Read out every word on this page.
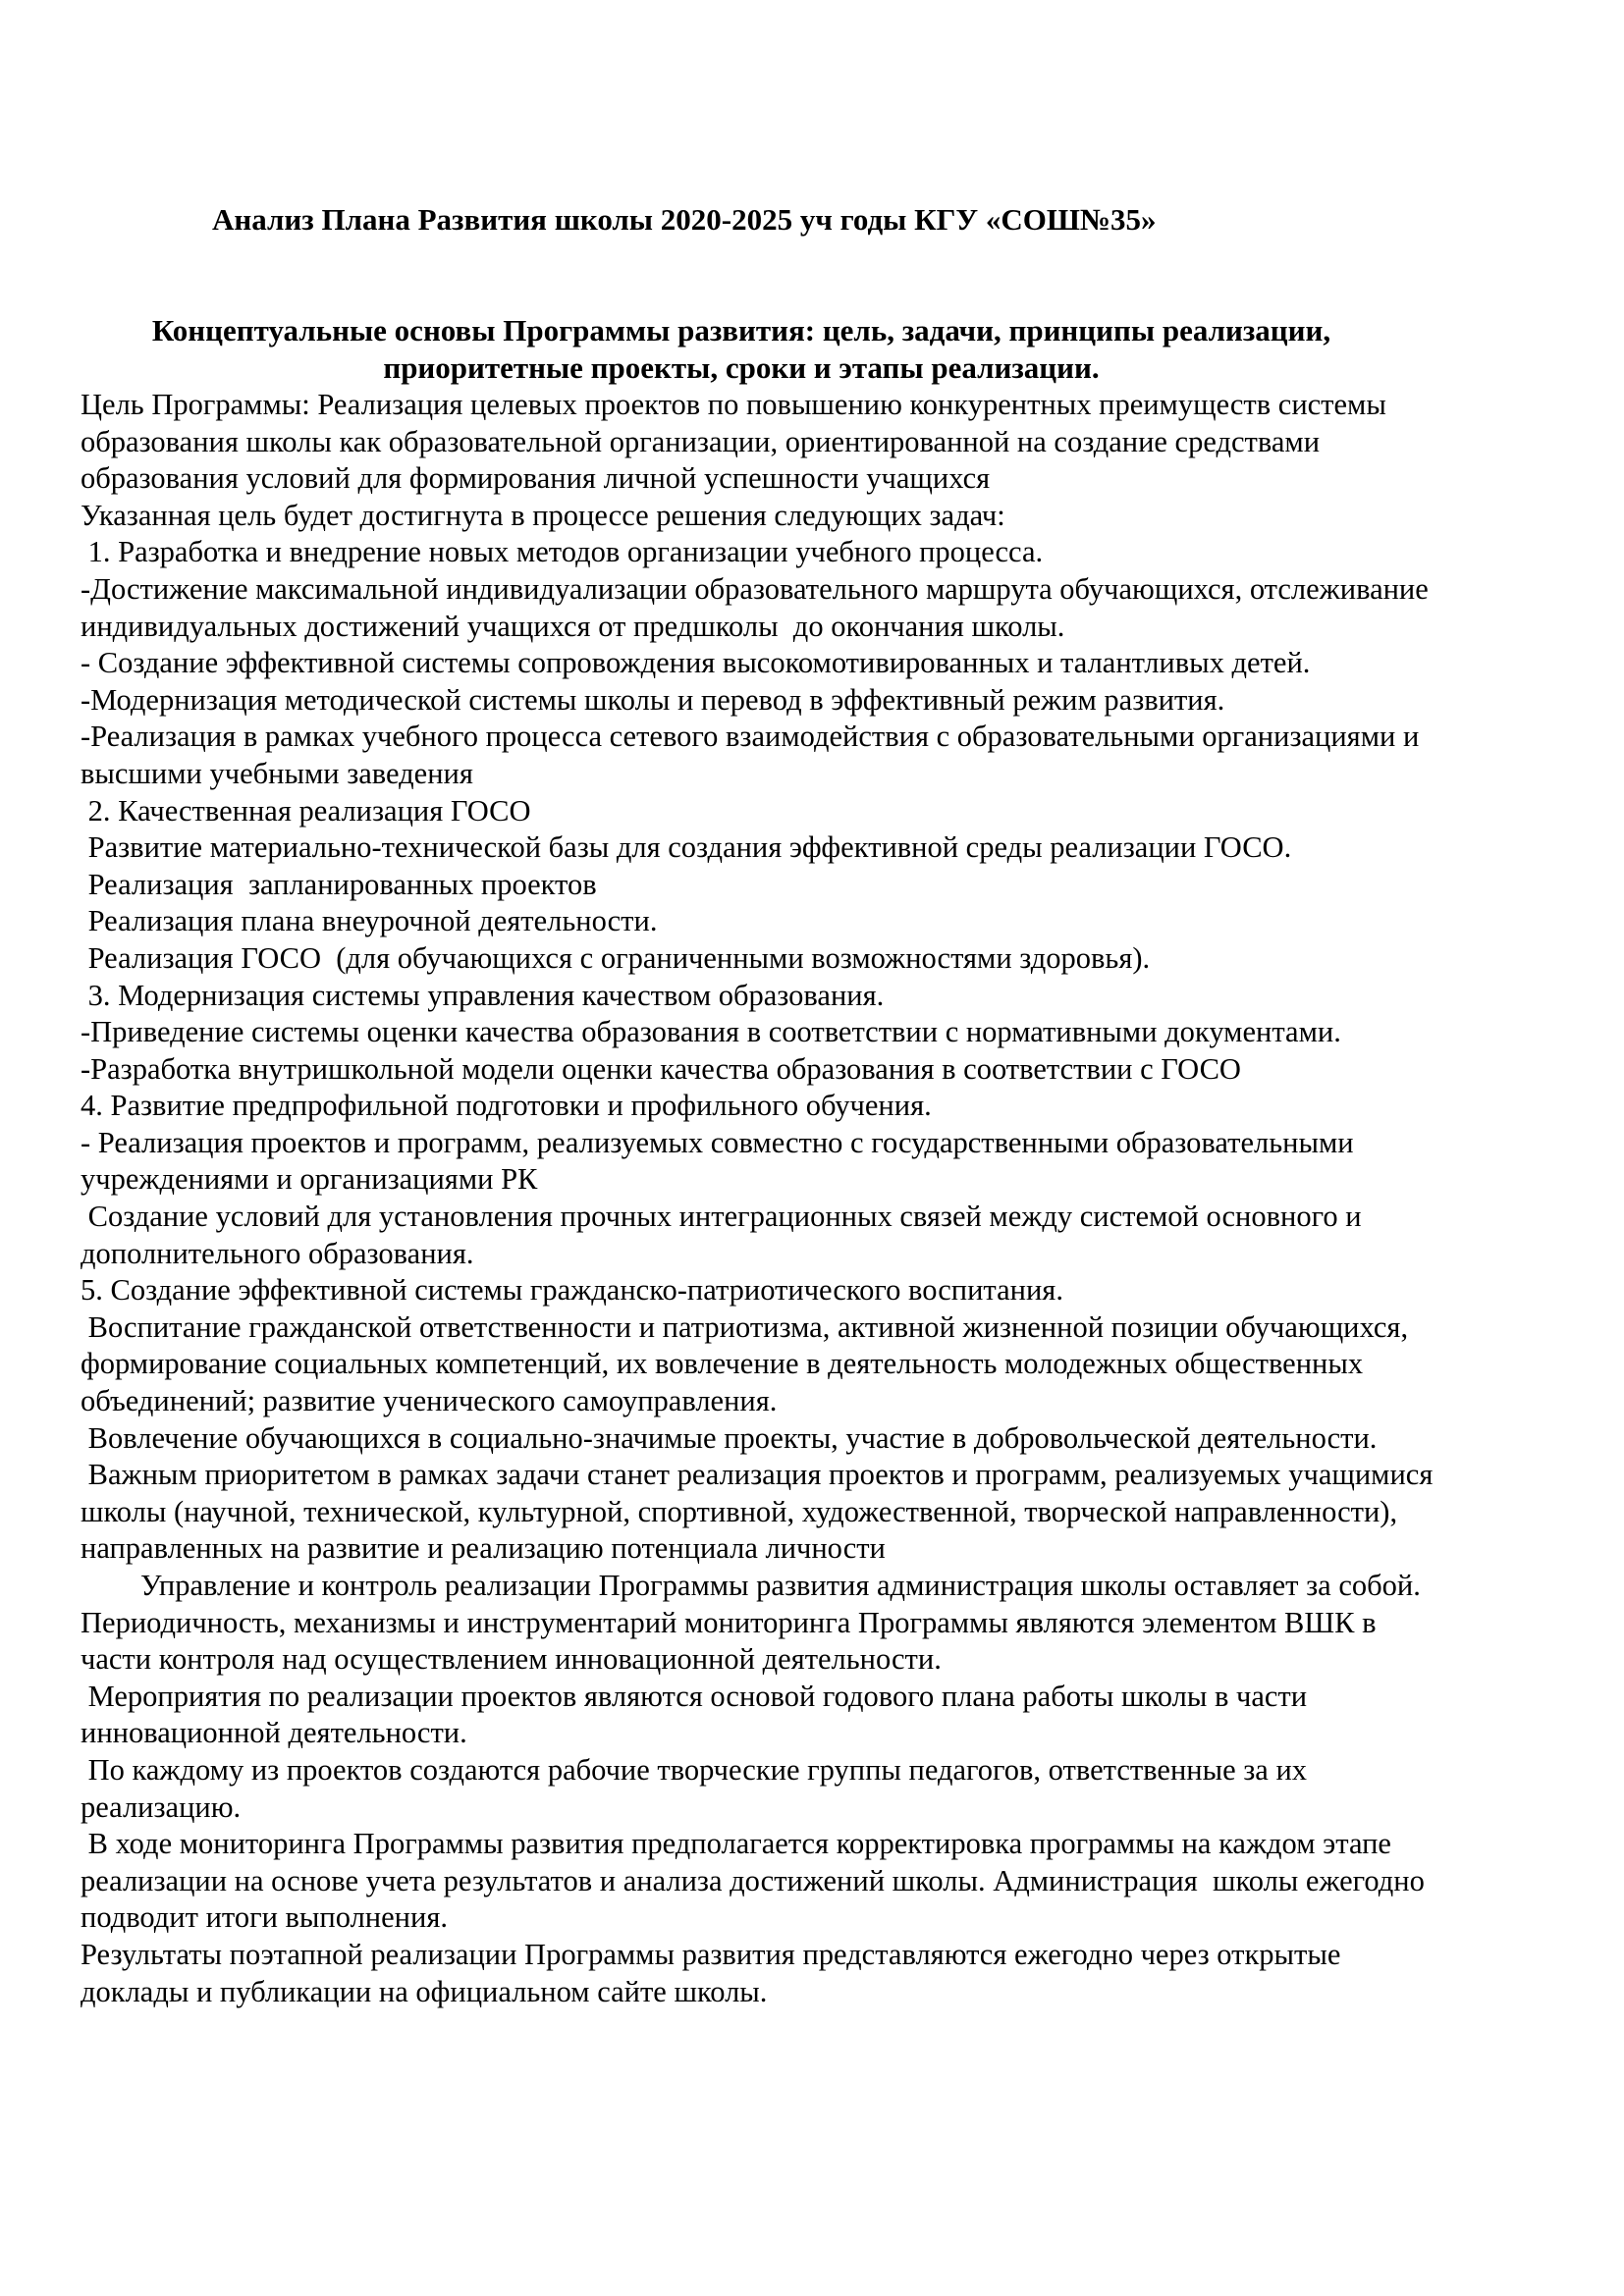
Анализ Плана Развития школы 2020-2025 уч годы КГУ «СОШ№35»
Концептуальные основы Программы развития: цель, задачи, принципы реализации,
приоритетные проекты, сроки и этапы реализации.
Цель Программы: Реализация целевых проектов по повышению конкурентных преимуществ системы
образования школы как образовательной организации, ориентированной на создание средствами
образования условий для формирования личной успешности учащихся
Указанная цель будет достигнута в процессе решения следующих задач:
1. Разработка и внедрение новых методов организации учебного процесса.
-Достижение максимальной индивидуализации образовательного маршрута обучающихся, отслеживание
индивидуальных достижений учащихся от предшколы  до окончания школы.
- Создание эффективной системы сопровождения высокомотивированных и талантливых детей.
-Модернизация методической системы школы и перевод в эффективный режим развития.
-Реализация в рамках учебного процесса сетевого взаимодействия с образовательными организациями и
высшими учебными заведения
2. Качественная реализация ГОСО
Развитие материально-технической базы для создания эффективной среды реализации ГОСО.
Реализация  запланированных проектов
Реализация плана внеурочной деятельности.
Реализация ГОСО  (для обучающихся с ограниченными возможностями здоровья).
3. Модернизация системы управления качеством образования.
-Приведение системы оценки качества образования в соответствии с нормативными документами.
-Разработка внутришкольной модели оценки качества образования в соответствии с ГОСО
4. Развитие предпрофильной подготовки и профильного обучения.
- Реализация проектов и программ, реализуемых совместно с государственными образовательными
учреждениями и организациями РК
Создание условий для установления прочных интеграционных связей между системой основного и
дополнительного образования.
5. Создание эффективной системы гражданско-патриотического воспитания.
Воспитание гражданской ответственности и патриотизма, активной жизненной позиции обучающихся,
формирование социальных компетенций, их вовлечение в деятельность молодежных общественных
объединений; развитие ученического самоуправления.
Вовлечение обучающихся в социально-значимые проекты, участие в добровольческой деятельности.
Важным приоритетом в рамках задачи станет реализация проектов и программ, реализуемых учащимися
школы (научной, технической, культурной, спортивной, художественной, творческой направленности),
направленных на развитие и реализацию потенциала личности
Управление и контроль реализации Программы развития администрация школы оставляет за собой.
Периодичность, механизмы и инструментарий мониторинга Программы являются элементом ВШК в
части контроля над осуществлением инновационной деятельности.
Мероприятия по реализации проектов являются основой годового плана работы школы в части
инновационной деятельности.
По каждому из проектов создаются рабочие творческие группы педагогов, ответственные за их
реализацию.
В ходе мониторинга Программы развития предполагается корректировка программы на каждом этапе
реализации на основе учета результатов и анализа достижений школы. Администрация  школы ежегодно
подводит итоги выполнения.
Результаты поэтапной реализации Программы развития представляются ежегодно через открытые
доклады и публикации на официальном сайте школы.
